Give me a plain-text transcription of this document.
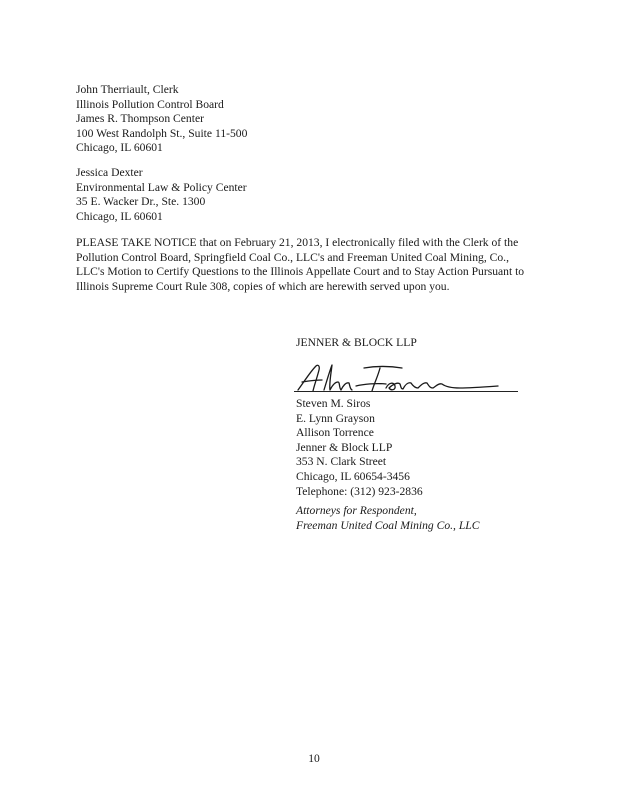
John Therriault, Clerk
Illinois Pollution Control Board
James R. Thompson Center
100 West Randolph St., Suite 11-500
Chicago, IL 60601
Jessica Dexter
Environmental Law & Policy Center
35 E. Wacker Dr., Ste. 1300
Chicago, IL 60601
PLEASE TAKE NOTICE that on February 21, 2013, I electronically filed with the Clerk of the
Pollution Control Board, Springfield Coal Co., LLC's and Freeman United Coal Mining, Co.,
LLC's Motion to Certify Questions to the Illinois Appellate Court and to Stay Action Pursuant to
Illinois Supreme Court Rule 308, copies of which are herewith served upon you.
JENNER & BLOCK LLP
Steven M. Siros
E. Lynn Grayson
Allison Torrence
Jenner & Block LLP
353 N. Clark Street
Chicago, IL 60654-3456
Telephone: (312) 923-2836
Attorneys for Respondent,
Freeman United Coal Mining Co., LLC
10
